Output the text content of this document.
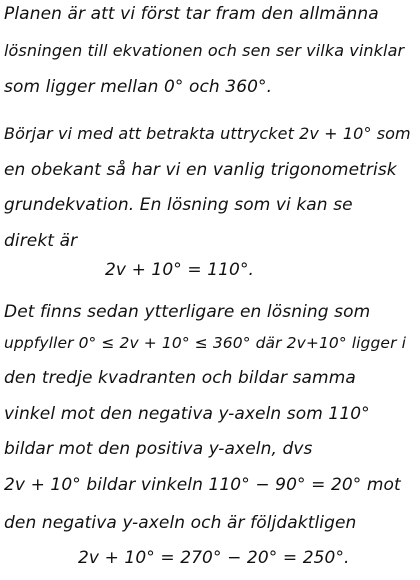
Planen är att vi först tar fram den allmänna
lösningen till ekvationen och sen ser vilka vinklar
som ligger mellan 0° och 360°.
Börjar vi med att betrakta uttrycket 2v + 10° som
en obekant så har vi en vanlig trigonometrisk
grundekvation. En lösning som vi kan se
direkt är
2v + 10° = 110°.
Det finns sedan ytterligare en lösning som
uppfyller 0° ≤ 2v + 10° ≤ 360° där 2v+10° ligger i
den tredje kvadranten och bildar samma
vinkel mot den negativa y-axeln som 110°
bildar mot den positiva y-axeln, dvs
2v + 10° bildar vinkeln 110° − 90° = 20° mot
den negativa y-axeln och är följdaktligen
2v + 10° = 270° − 20° = 250°.
